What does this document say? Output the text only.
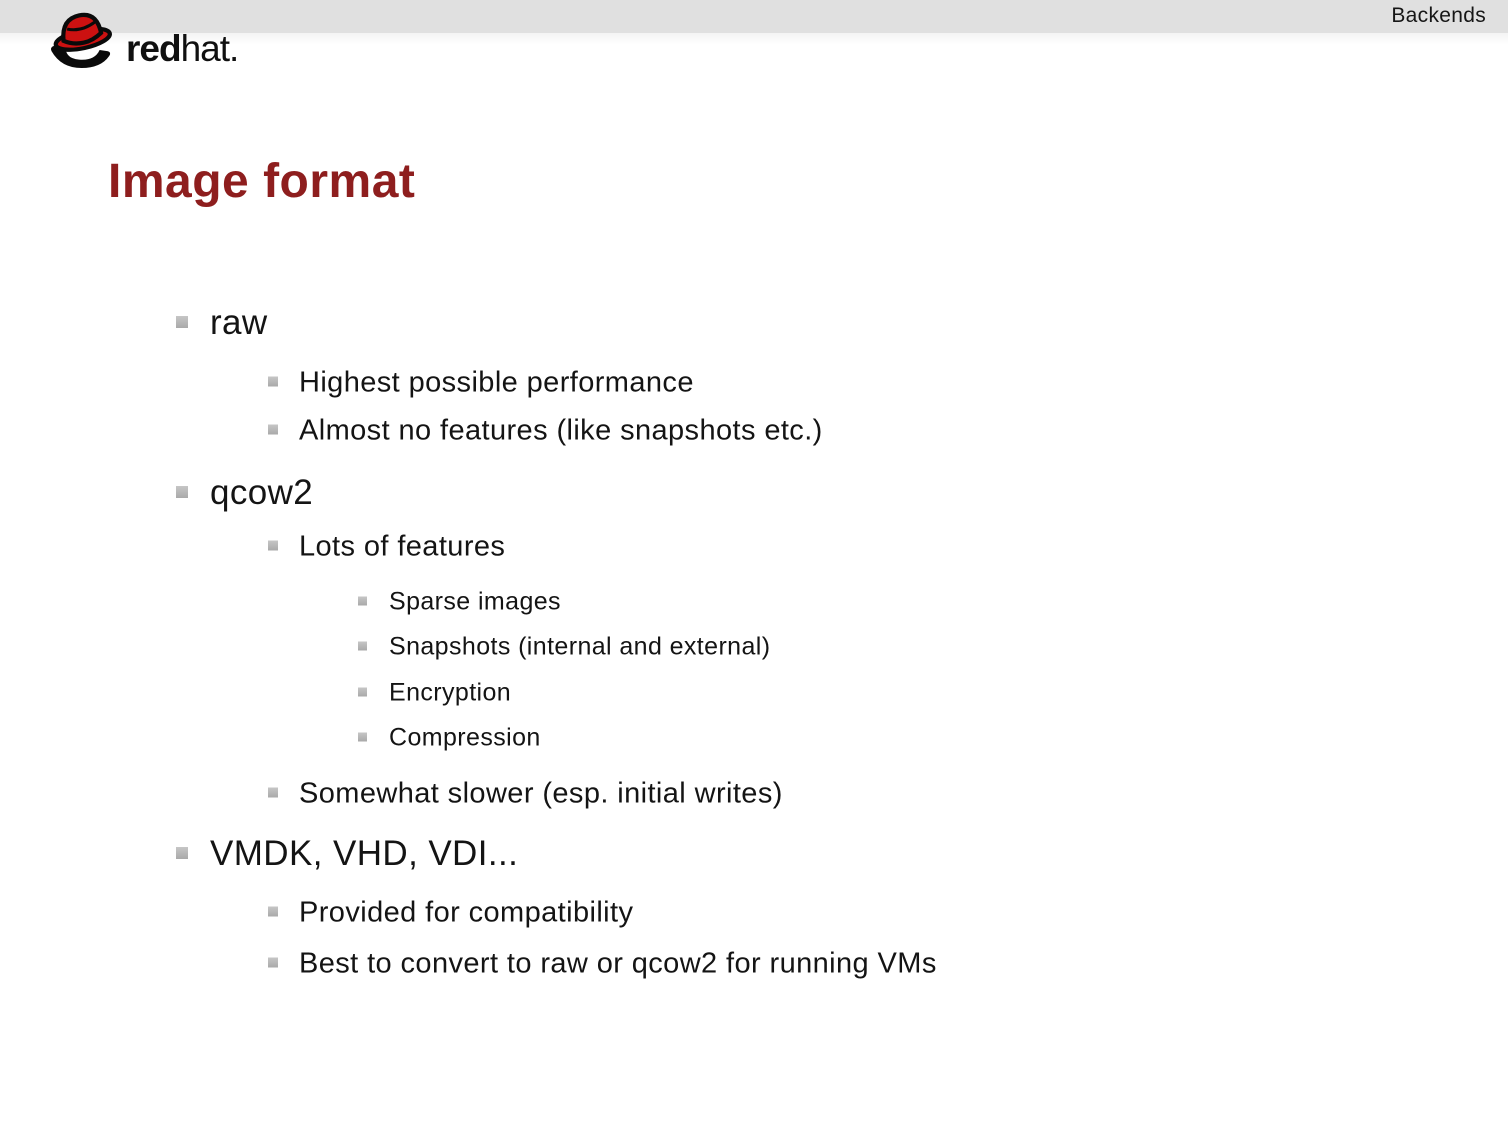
Backends
redhat.
Image format
raw
Highest possible performance
Almost no features (like snapshots etc.)
qcow2
Lots of features
Sparse images
Snapshots (internal and external)
Encryption
Compression
Somewhat slower (esp. initial writes)
VMDK, VHD, VDI...
Provided for compatibility
Best to convert to raw or qcow2 for running VMs
